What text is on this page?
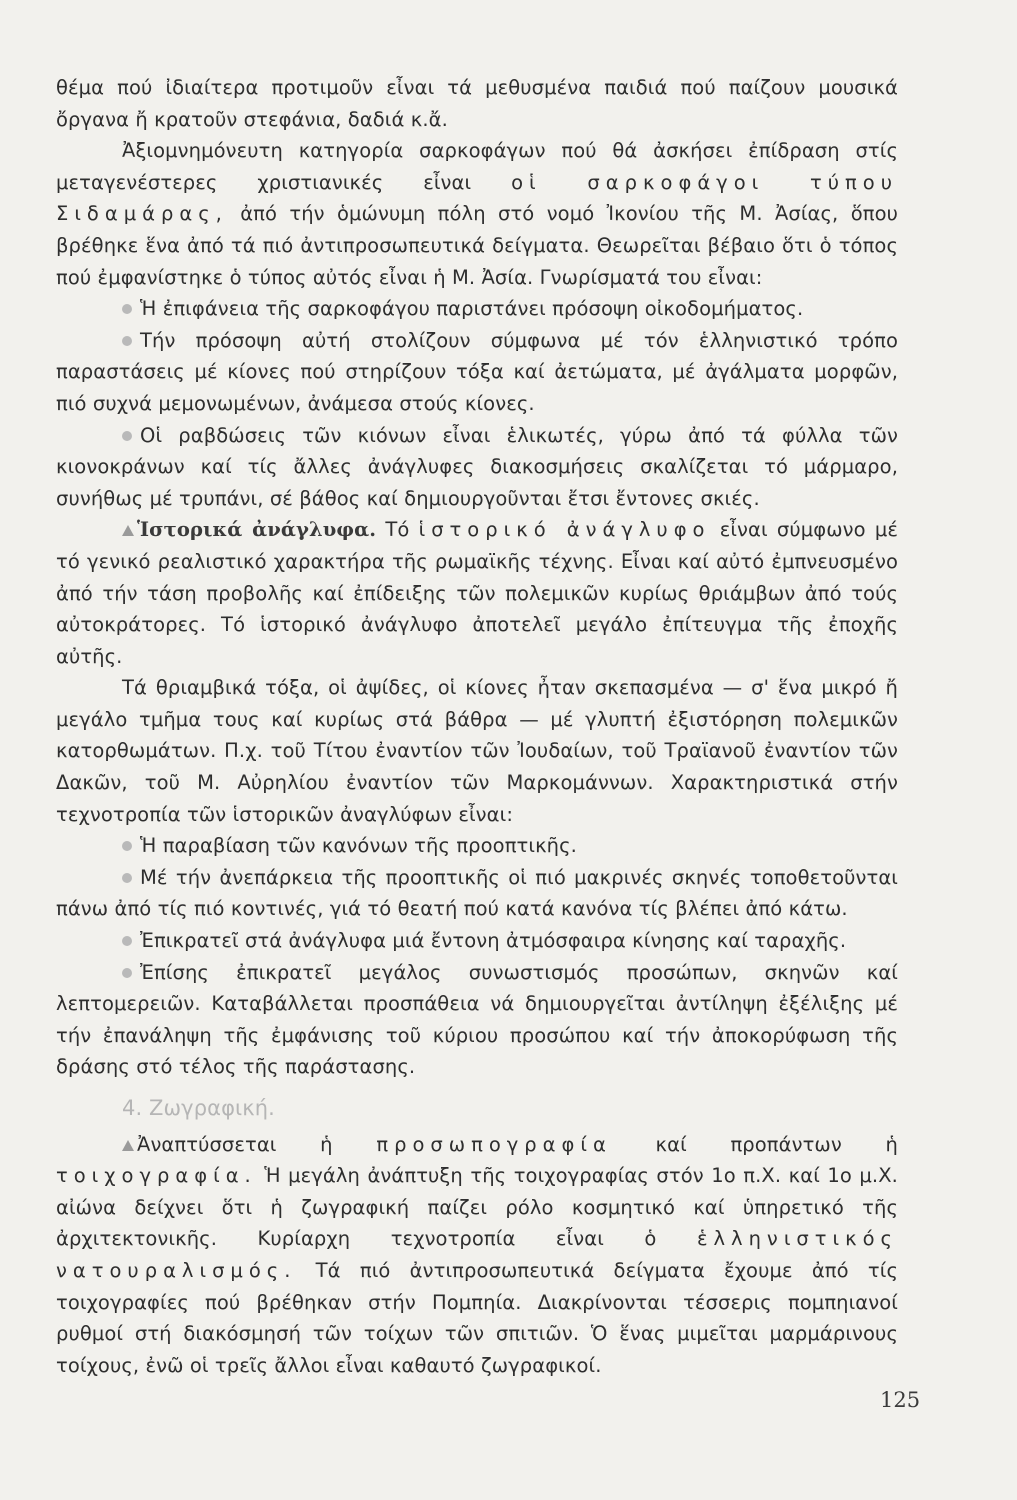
θέμα πού ἰδιαίτερα προτιμοῦν εἶναι τά μεθυσμένα παιδιά πού παίζουν μουσικά ὄργανα ἤ κρατοῦν στεφάνια, δαδιά κ.ἄ.

Ἀξιομνημόνευτη κατηγορία σαρκοφάγων πού θά ἀσκήσει ἐπίδραση στίς μεταγενέστερες χριστιανικές εἶναι οἱ σαρκοφάγοι τύπου Σιδαμάρας, ἀπό τήν ὁμώνυμη πόλη στό νομό Ἰκονίου τῆς Μ. Ἀσίας, ὅπου βρέθηκε ἕνα ἀπό τά πιό ἀντιπροσωπευτικά δείγματα. Θεωρεῖται βέβαιο ὅτι ὁ τόπος πού ἐμφανίστηκε ὁ τύπος αὐτός εἶναι ἡ Μ. Ἀσία. Γνωρίσματά του εἶναι:

Ἡ ἐπιφάνεια τῆς σαρκοφάγου παριστάνει πρόσοψη οἰκοδομήματος.

Τήν πρόσοψη αὐτή στολίζουν σύμφωνα μέ τόν ἑλληνιστικό τρόπο παραστάσεις μέ κίονες πού στηρίζουν τόξα καί ἀετώματα, μέ ἀγάλματα μορφῶν, πιό συχνά μεμονωμένων, ἀνάμεσα στούς κίονες.

Οἱ ραβδώσεις τῶν κιόνων εἶναι ἑλικωτές, γύρω ἀπό τά φύλλα τῶν κιονοκράνων καί τίς ἄλλες ἀνάγλυφες διακοσμήσεις σκαλίζεται τό μάρμαρο, συνήθως μέ τρυπάνι, σέ βάθος καί δημιουργοῦνται ἔτσι ἔντονες σκιές.

Ἱστορικά ἀνάγλυφα. Τό ἱστορικό ἀνάγλυφο εἶναι σύμφωνο μέ τό γενικό ρεαλιστικό χαρακτήρα τῆς ρωμαϊκῆς τέχνης. Εἶναι καί αὐτό ἐμπνευσμένο ἀπό τήν τάση προβολῆς καί ἐπίδειξης τῶν πολεμικῶν κυρίως θριάμβων ἀπό τούς αὐτοκράτορες. Τό ἱστορικό ἀνάγλυφο ἀποτελεῖ μεγάλο ἐπίτευγμα τῆς ἐποχῆς αὐτῆς.

Τά θριαμβικά τόξα, οἱ ἀψίδες, οἱ κίονες ἦταν σκεπασμένα — σ' ἕνα μικρό ἤ μεγάλο τμῆμα τους καί κυρίως στά βάθρα — μέ γλυπτή ἐξιστόρηση πολεμικῶν κατορθωμάτων. Π.χ. τοῦ Τίτου ἐναντίον τῶν Ἰουδαίων, τοῦ Τραϊανοῦ ἐναντίον τῶν Δακῶν, τοῦ Μ. Αὐρηλίου ἐναντίον τῶν Μαρκομάννων. Χαρακτηριστικά στήν τεχνοτροπία τῶν ἱστορικῶν ἀναγλύφων εἶναι:

Ἡ παραβίαση τῶν κανόνων τῆς προοπτικῆς.

Μέ τήν ἀνεπάρκεια τῆς προοπτικῆς οἱ πιό μακρινές σκηνές τοποθετοῦνται πάνω ἀπό τίς πιό κοντινές, γιά τό θεατή πού κατά κανόνα τίς βλέπει ἀπό κάτω.

Ἐπικρατεῖ στά ἀνάγλυφα μιά ἔντονη ἀτμόσφαιρα κίνησης καί ταραχῆς.

Ἐπίσης ἐπικρατεῖ μεγάλος συνωστισμός προσώπων, σκηνῶν καί λεπτομερειῶν. Καταβάλλεται προσπάθεια νά δημιουργεῖται ἀντίληψη ἐξέλιξης μέ τήν ἐπανάληψη τῆς ἐμφάνισης τοῦ κύριου προσώπου καί τήν ἀποκορύφωση τῆς δράσης στό τέλος τῆς παράστασης.

4. Ζωγραφική.

Ἀναπτύσσεται ἡ προσωπογραφία καί προπάντων ἡ τοιχογραφία. Ἡ μεγάλη ἀνάπτυξη τῆς τοιχογραφίας στόν 1ο π.Χ. καί 1ο μ.Χ. αἰώνα δείχνει ὅτι ἡ ζωγραφική παίζει ρόλο κοσμητικό καί ὑπηρετικό τῆς ἀρχιτεκτονικῆς. Κυρίαρχη τεχνοτροπία εἶναι ὁ ἑλληνιστικός νατουραλισμός. Τά πιό ἀντιπροσωπευτικά δείγματα ἔχουμε ἀπό τίς τοιχογραφίες πού βρέθηκαν στήν Πομπηία. Διακρίνονται τέσσερις πομπηιανοί ρυθμοί στή διακόσμησή τῶν τοίχων τῶν σπιτιῶν. Ὁ ἕνας μιμεῖται μαρμάρινους τοίχους, ἐνῶ οἱ τρεῖς ἄλλοι εἶναι καθαυτό ζωγραφικοί.

125
